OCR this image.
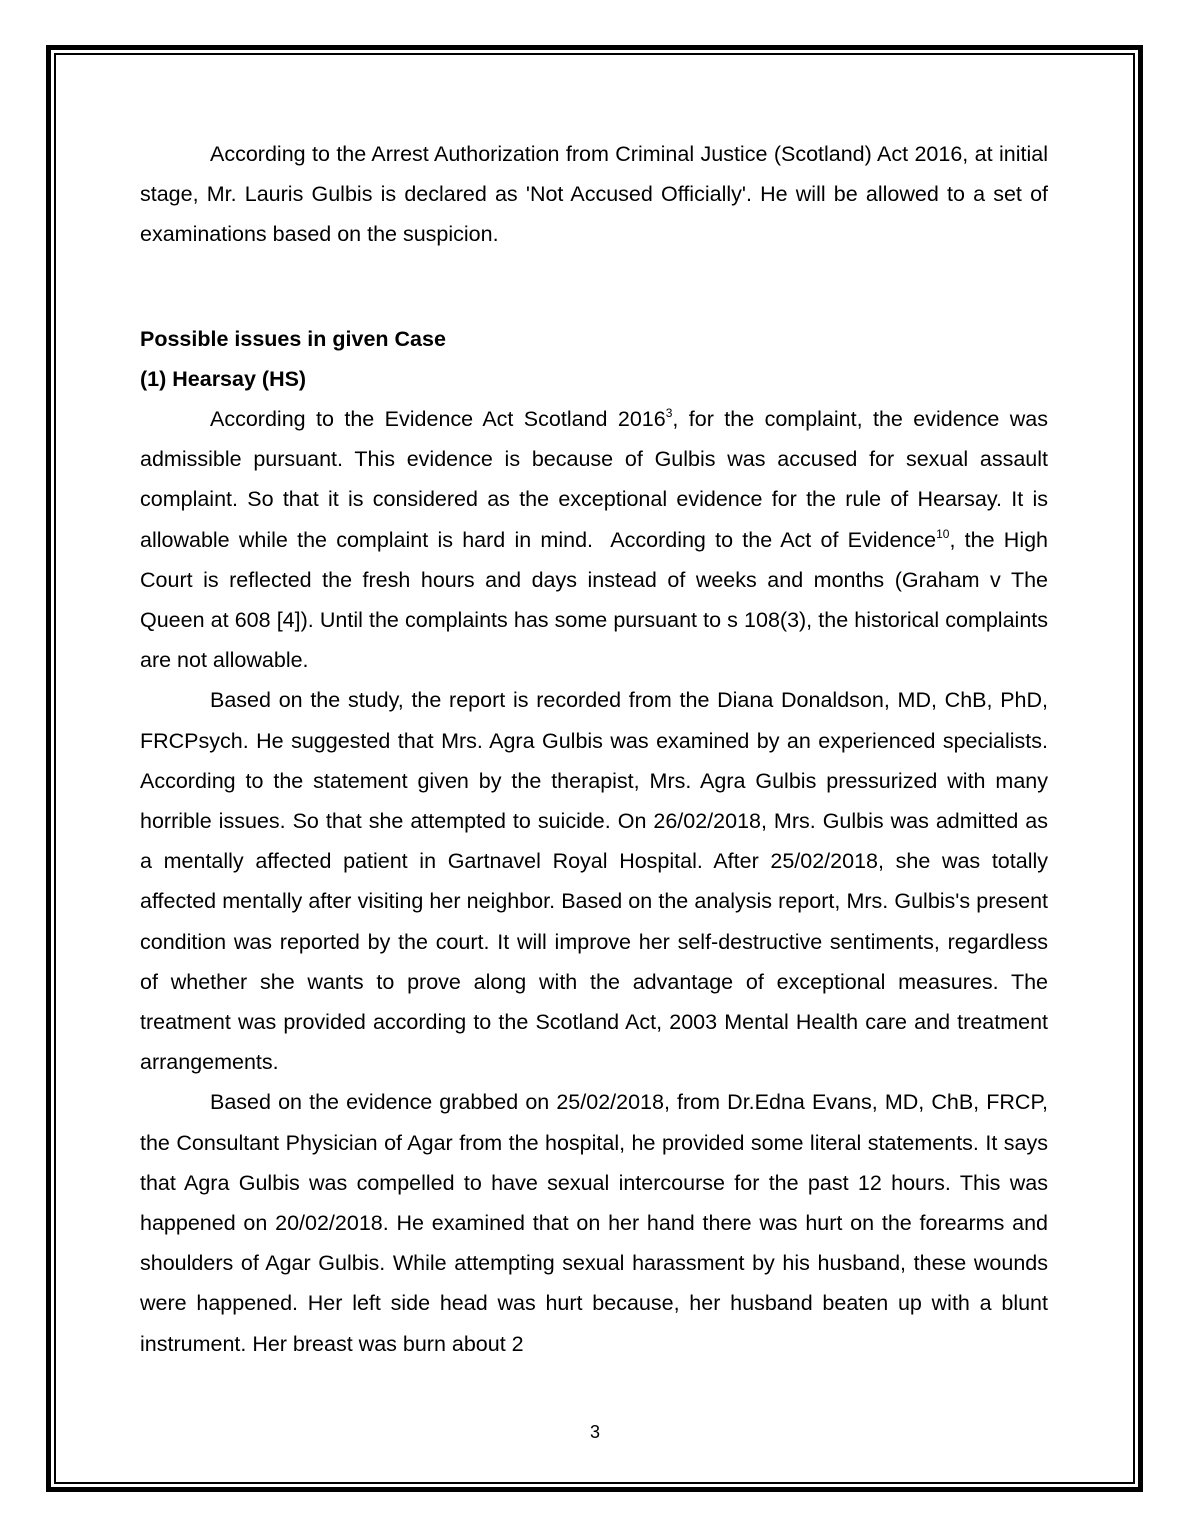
According to the Arrest Authorization from Criminal Justice (Scotland) Act 2016, at initial stage, Mr. Lauris Gulbis is declared as 'Not Accused Officially'. He will be allowed to a set of examinations based on the suspicion.

Possible issues in given Case
(1) Hearsay (HS)

According to the Evidence Act Scotland 2016$^3$, for the complaint, the evidence was admissible pursuant. This evidence is because of Gulbis was accused for sexual assault complaint. So that it is considered as the exceptional evidence for the rule of Hearsay. It is allowable while the complaint is hard in mind.  According to the Act of Evidence$^{10}$, the High Court is reflected the fresh hours and days instead of weeks and months (Graham v The Queen at 608 [4]). Until the complaints has some pursuant to s 108(3), the historical complaints are not allowable.

Based on the study, the report is recorded from the Diana Donaldson, MD, ChB, PhD, FRCPsych. He suggested that Mrs. Agra Gulbis was examined by an experienced specialists. According to the statement given by the therapist, Mrs. Agra Gulbis pressurized with many horrible issues. So that she attempted to suicide. On 26/02/2018, Mrs. Gulbis was admitted as a mentally affected patient in Gartnavel Royal Hospital. After 25/02/2018, she was totally affected mentally after visiting her neighbor. Based on the analysis report, Mrs. Gulbis's present condition was reported by the court. It will improve her self-destructive sentiments, regardless of whether she wants to prove along with the advantage of exceptional measures. The treatment was provided according to the Scotland Act, 2003 Mental Health care and treatment arrangements.

Based on the evidence grabbed on 25/02/2018, from Dr.Edna Evans, MD, ChB, FRCP, the Consultant Physician of Agar from the hospital, he provided some literal statements. It says that Agra Gulbis was compelled to have sexual intercourse for the past 12 hours. This was happened on 20/02/2018. He examined that on her hand there was hurt on the forearms and shoulders of Agar Gulbis. While attempting sexual harassment by his husband, these wounds were happened. Her left side head was hurt because, her husband beaten up with a blunt instrument. Her breast was burn about 2

3
